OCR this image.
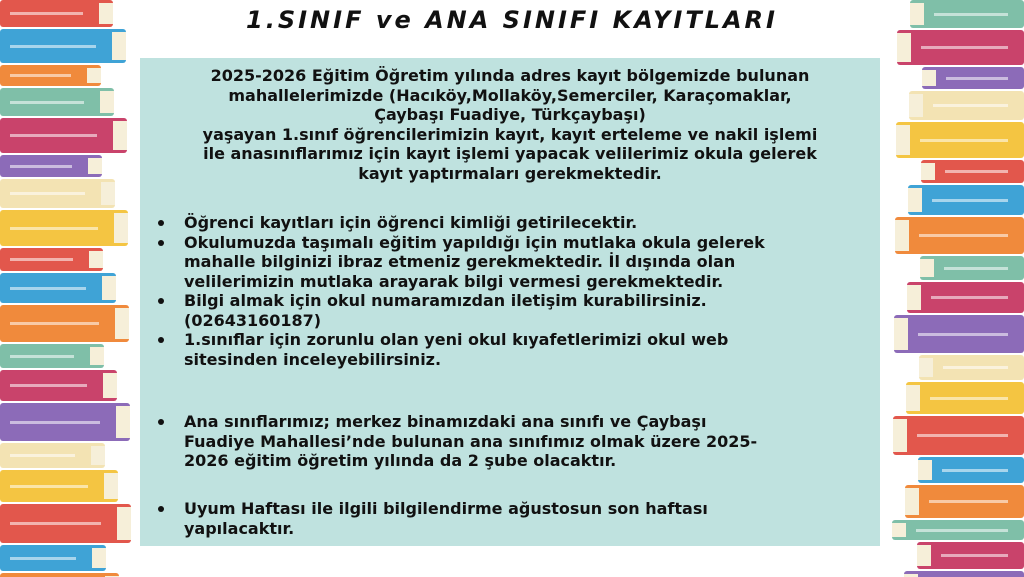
1.SINIF ve ANA SINIFI KAYITLARI
2025-2026 Eğitim Öğretim yılında adres kayıt bölgemizde bulunan
mahallelerimizde (Hacıköy,Mollaköy,Semerciler, Karaçomaklar,
Çaybaşı Fuadiye, Türkçaybaşı)
yaşayan 1.sınıf öğrencilerimizin kayıt, kayıt erteleme ve nakil işlemi
ile anasınıflarımız için kayıt işlemi yapacak velilerimiz okula gelerek
kayıt yaptırmaları gerekmektedir.
Öğrenci kayıtları için öğrenci kimliği getirilecektir.
Okulumuzda taşımalı eğitim yapıldığı için mutlaka okula gelerek
mahalle bilginizi ibraz etmeniz gerekmektedir. İl dışında olan
velilerimizin mutlaka arayarak bilgi vermesi gerekmektedir.
Bilgi almak için okul numaramızdan iletişim kurabilirsiniz.
(02643160187)
1.sınıflar için zorunlu olan yeni okul kıyafetlerimizi okul web
sitesinden inceleyebilirsiniz.
Ana sınıflarımız; merkez binamızdaki ana sınıfı ve Çaybaşı
Fuadiye Mahallesi’nde bulunan ana sınıfımız olmak üzere 2025-
2026 eğitim öğretim yılında da 2 şube olacaktır.
Uyum Haftası ile ilgili bilgilendirme ağustosun son haftası
yapılacaktır.
